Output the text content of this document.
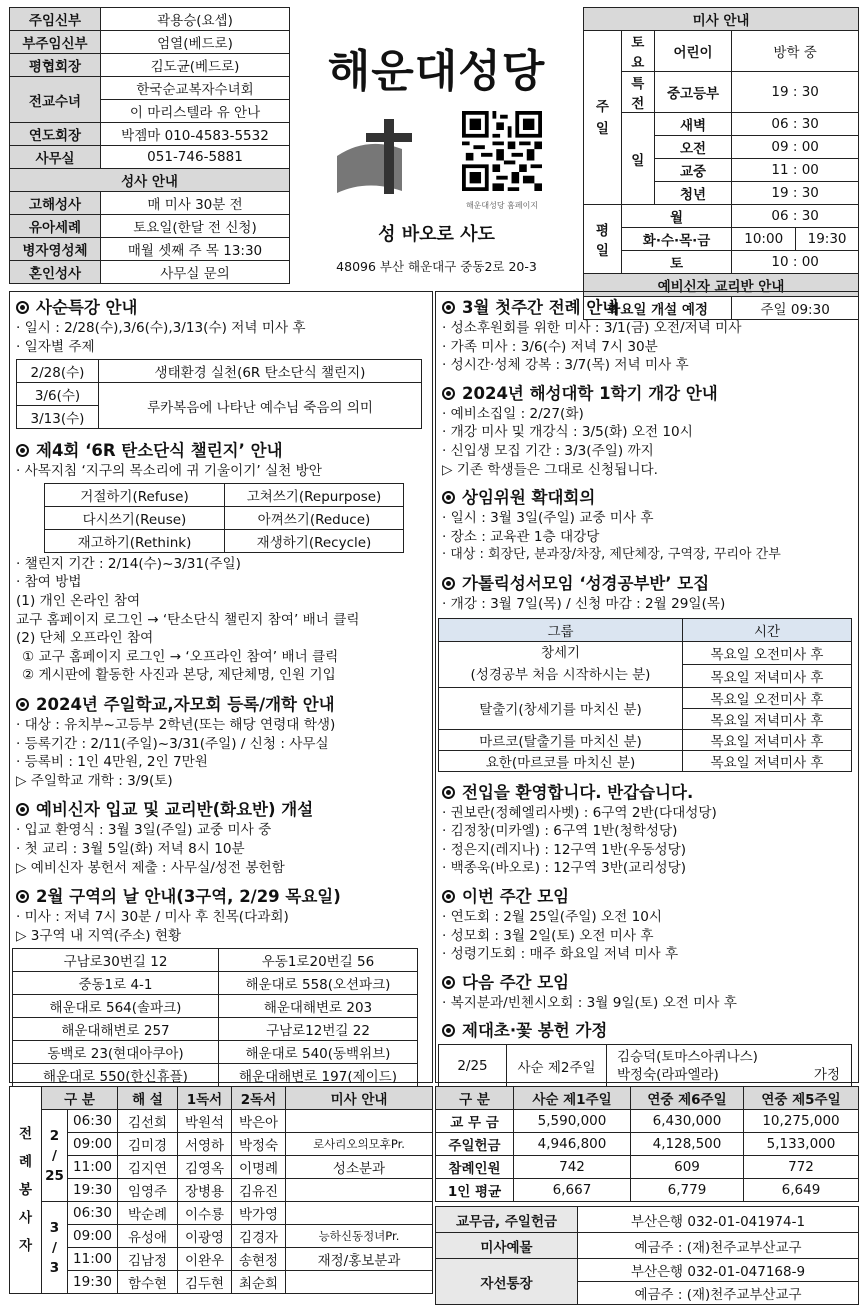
주임신부	곽용승(요셉)
부주임신부	엄열(베드로)
평협회장	김도균(베드로)
전교수녀	한국순교복자수녀회
	이 마리스텔라 유 안나
연도회장	박젬마 010-4583-5532
사무실	051-746-5881
성사 안내	
고해성사	매 미사 30분 전
유아세례	토요일(한달 전 신청)
병자영성체	매월 셋째 주 목 13:30
혼인성사	사무실 문의
해운대성당
해운대성당 홈페이지
성 바오로 사도
48096 부산 해운대구 중동2로 20-3
미사 안내				
주일	토요	어린이	방학 중	
	특전	중고등부	19 : 30	
	일	새벽	06 : 30	
		오전	09 : 00	
		교중	11 : 00	
		청년	19 : 30	
평일	월		06 : 30	
	화·수·목·금		10:00	19:30
	토		10 : 00	
예비신자 교리반 안내				
화요일 개설 예정			주일 09:30	
사순특강 안내
· 일시 : 2/28(수),3/6(수),3/13(수) 저녁 미사 후
· 일자별 주제
2/28(수)	생태환경 실천(6R 탄소단식 챌린지)
3/6(수)	루카복음에 나타난 예수님 죽음의 의미
3/13(수)	
제4회 ‘6R 탄소단식 챌린지’ 안내
· 사목지침 ‘지구의 목소리에 귀 기울이기’ 실천 방안
거절하기(Refuse)	고쳐쓰기(Repurpose)
다시쓰기(Reuse)	아껴쓰기(Reduce)
재고하기(Rethink)	재생하기(Recycle)
· 챌린지 기간 : 2/14(수)~3/31(주일)
· 참여 방법
(1) 개인 온라인 참여
교구 홈페이지 로그인 → ‘탄소단식 챌린지 참여’ 배너 클릭
(2) 단체 오프라인 참여
① 교구 홈페이지 로그인 → ‘오프라인 참여’ 배너 클릭
② 게시판에 활동한 사진과 본당, 제단체명, 인원 기입
2024년 주일학교,자모회 등록/개학 안내
· 대상 : 유치부~고등부 2학년(또는 해당 연령대 학생)
· 등록기간 : 2/11(주일)~3/31(주일) / 신청 : 사무실
· 등록비 : 1인 4만원, 2인 7만원
▷ 주일학교 개학 : 3/9(토)
예비신자 입교 및 교리반(화요반) 개설
· 입교 환영식 : 3월 3일(주일) 교중 미사 중
· 첫 교리 : 3월 5일(화) 저녁 8시 10분
▷ 예비신자 봉헌서 제출 : 사무실/성전 봉헌함
2월 구역의 날 안내(3구역, 2/29 목요일)
· 미사 : 저녁 7시 30분 / 미사 후 친목(다과회)
▷ 3구역 내 지역(주소) 현황
구남로30번길 12	우동1로20번길 56
중동1로 4-1	해운대로 558(오션파크)
해운대로 564(솔파크)	해운대해변로 203
해운대해변로 257	구남로12번길 22
동백로 23(현대아쿠아)	해운대로 540(동백위브)
해운대로 550(한신휴플)	해운대해변로 197(제이드)
3월 첫주간 전례 안내
· 성소후원회를 위한 미사 : 3/1(금) 오전/저녁 미사
· 가족 미사 : 3/6(수) 저녁 7시 30분
· 성시간·성체 강복 : 3/7(목) 저녁 미사 후
2024년 해성대학 1학기 개강 안내
· 예비소집일 : 2/27(화)
· 개강 미사 및 개강식 : 3/5(화) 오전 10시
· 신입생 모집 기간 : 3/3(주일) 까지
▷ 기존 학생들은 그대로 신청됩니다.
상임위원 확대회의
· 일시 : 3월 3일(주일) 교중 미사 후
· 장소 : 교육관 1층 대강당
· 대상 : 회장단, 분과장/차장, 제단체장, 구역장, 꾸리아 간부
가톨릭성서모임 ‘성경공부반’ 모집
· 개강 : 3월 7일(목) / 신청 마감 : 2월 29일(목)
그룹	시간

창세기
(성경공부 처음 시작하시는 분)	목요일 오전미사 후
	목요일 저녁미사 후
탈출기(창세기를 마치신 분)	목요일 오전미사 후
	목요일 저녁미사 후
마르코(탈출기를 마치신 분)	목요일 저녁미사 후
요한(마르코를 마치신 분)	목요일 저녁미사 후
전입을 환영합니다. 반갑습니다.
· 권보란(정혜엘리사벳) : 6구역 2반(다대성당)
· 김정창(미카엘) : 6구역 1반(청학성당)
· 정은지(레지나) : 12구역 1반(우동성당)
· 백종욱(바오로) : 12구역 3반(교리성당)
이번 주간 모임
· 연도회 : 2월 25일(주일) 오전 10시
· 성모회 : 3월 2일(토) 오전 미사 후
· 성령기도회 : 매주 화요일 저녁 미사 후
다음 주간 모임
· 복지분과/빈첸시오회 : 3월 9일(토) 오전 미사 후
제대초·꽃 봉헌 가정
2/25	사순 제2주일	
김승덕(토마스아퀴나스)
박정숙(라파엘라)	가정
전
례
봉
사
자	구 분		해 설	1독서	2독서	미사 안내

	2
/
25	06:30	김선희	박원석	박은아	
		09:00	김미경	서영하	박정숙	로사리오의모후Pr.
		11:00	김지연	김영옥	이명례	성소분과
		19:30	임영주	장병용	김유진	

	3
/
3	06:30	박순례	이수룡	박가영	
		09:00	유성애	이광영	김경자	능하신동정녀Pr.
		11:00	김남정	이완우	송현정	재정/홍보분과
		19:30	함수현	김두현	최순희	
구 분	사순 제1주일	연중 제6주일	연중 제5주일
교 무 금	5,590,000	6,430,000	10,275,000
주일헌금	4,946,800	4,128,500	5,133,000
참례인원	742	609	772
1인 평균	6,667	6,779	6,649
교무금, 주일헌금	부산은행 032-01-041974-1
미사예물	예금주 : (재)천주교부산교구
자선통장	부산은행 032-01-047168-9
	예금주 : (재)천주교부산교구
